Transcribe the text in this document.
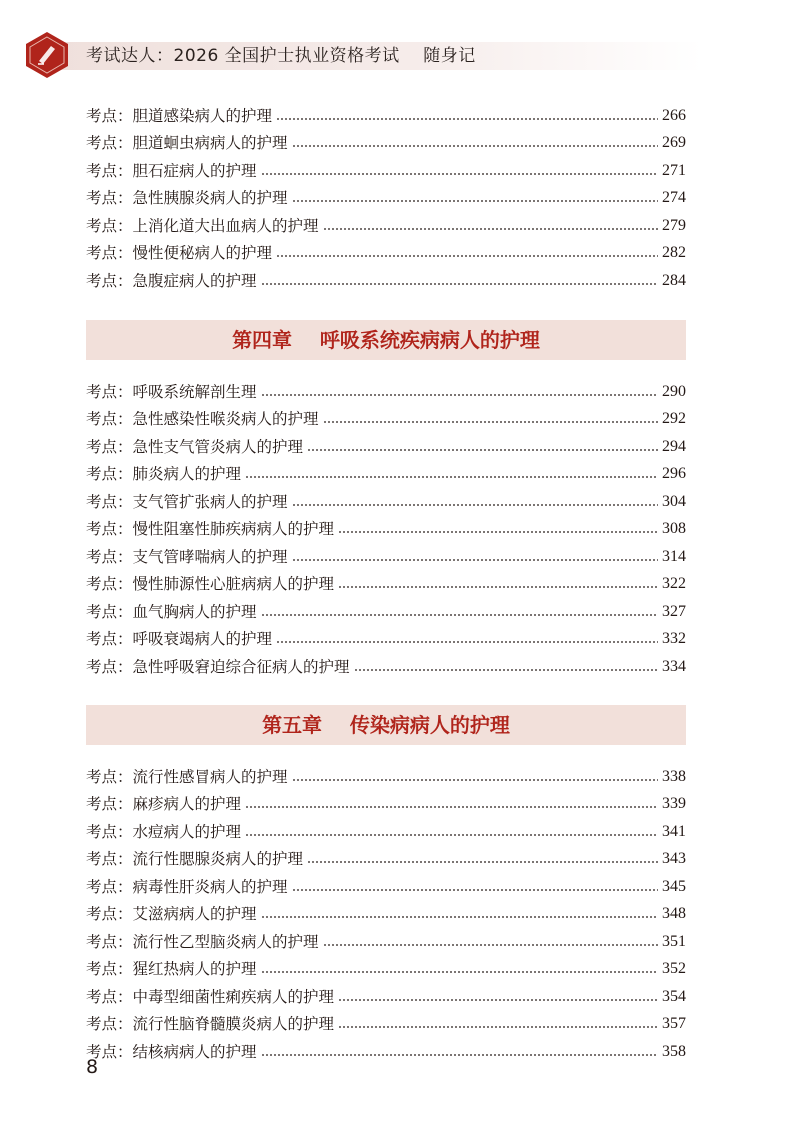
考试达人：2026 全国护士执业资格考试    随身记
考点：胆道感染病人的护理	266
考点：胆道蛔虫病病人的护理	269
考点：胆石症病人的护理	271
考点：急性胰腺炎病人的护理	274
考点：上消化道大出血病人的护理	279
考点：慢性便秘病人的护理	282
考点：急腹症病人的护理	284
第四章    呼吸系统疾病病人的护理
考点：呼吸系统解剖生理	290
考点：急性感染性喉炎病人的护理	292
考点：急性支气管炎病人的护理	294
考点：肺炎病人的护理	296
考点：支气管扩张病人的护理	304
考点：慢性阻塞性肺疾病病人的护理	308
考点：支气管哮喘病人的护理	314
考点：慢性肺源性心脏病病人的护理	322
考点：血气胸病人的护理	327
考点：呼吸衰竭病人的护理	332
考点：急性呼吸窘迫综合征病人的护理	334
第五章    传染病病人的护理
考点：流行性感冒病人的护理	338
考点：麻疹病人的护理	339
考点：水痘病人的护理	341
考点：流行性腮腺炎病人的护理	343
考点：病毒性肝炎病人的护理	345
考点：艾滋病病人的护理	348
考点：流行性乙型脑炎病人的护理	351
考点：猩红热病人的护理	352
考点：中毒型细菌性痢疾病人的护理	354
考点：流行性脑脊髓膜炎病人的护理	357
考点：结核病病人的护理	358
8
